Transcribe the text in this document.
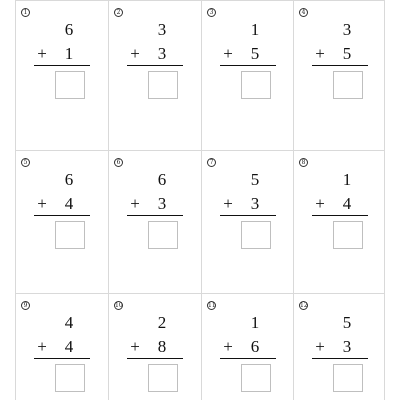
1
6
+ 1
2
3
+ 3
3
1
+ 5
4
3
+ 5
5
6
+ 4
6
6
+ 3
7
5
+ 3
8
1
+ 4
9
4
+ 4
10
2
+ 8
11
1
+ 6
12
5
+ 3
